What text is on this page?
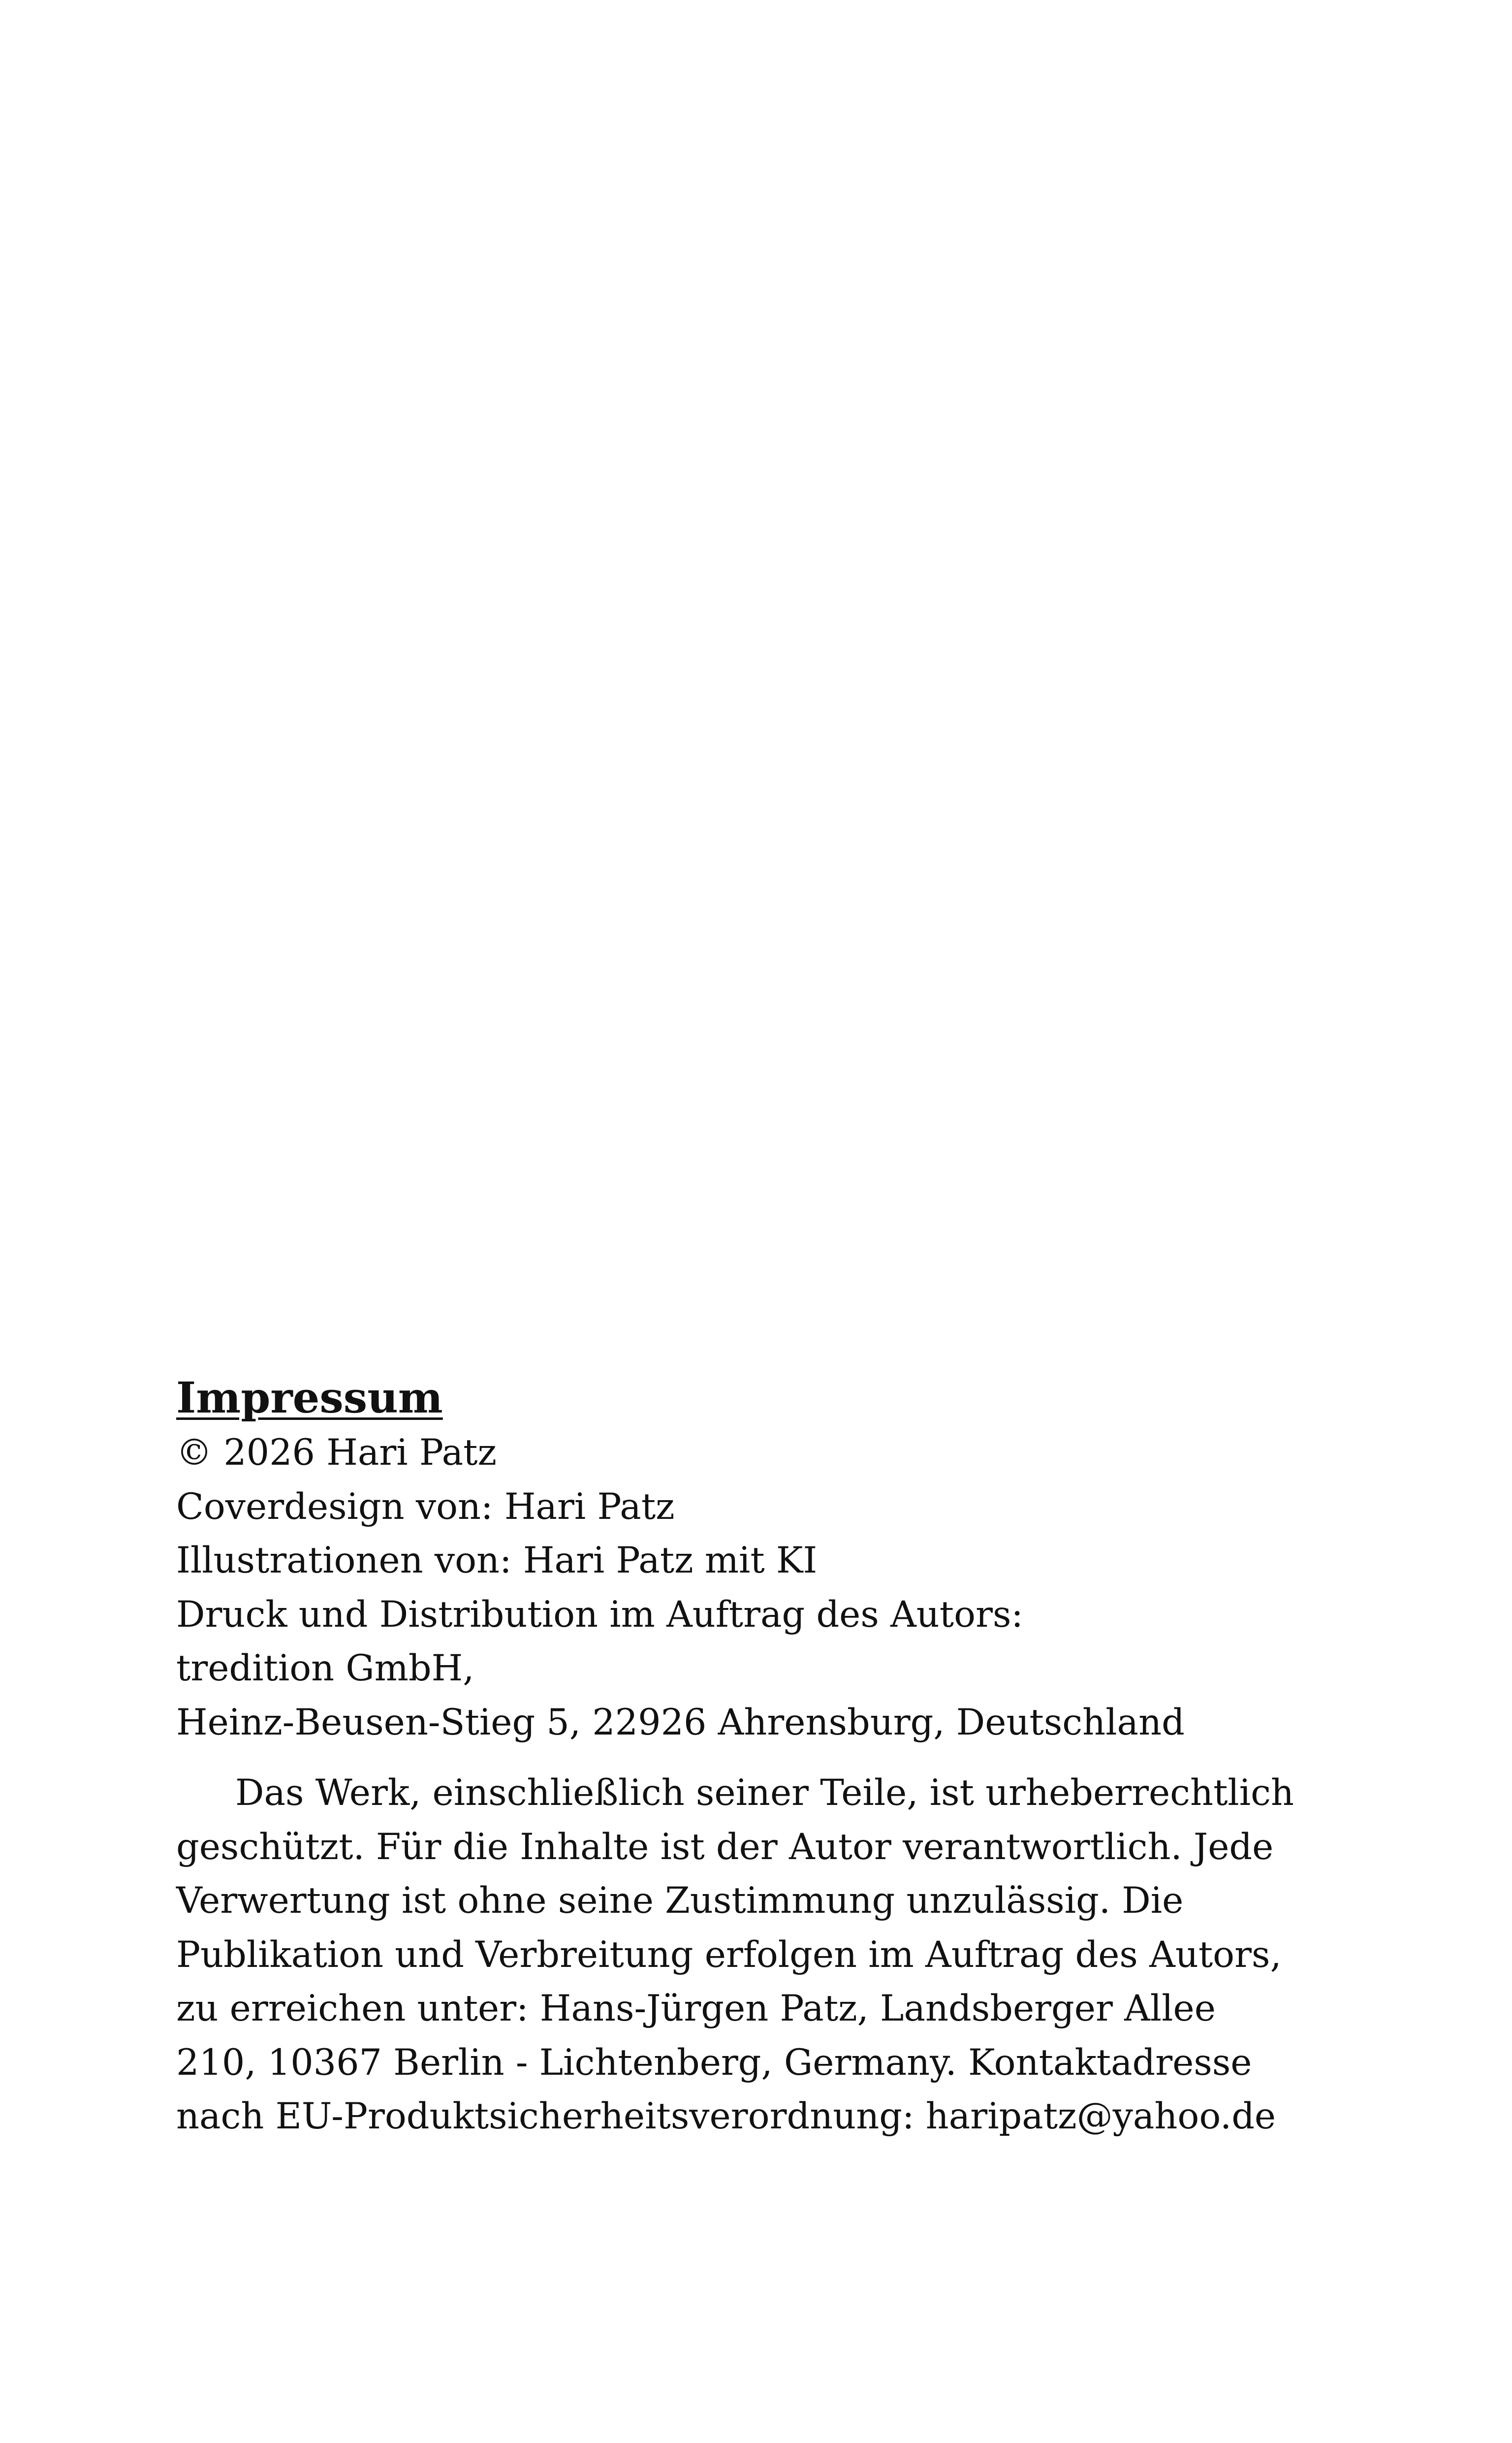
Impressum
© 2026 Hari Patz
Coverdesign von: Hari Patz
Illustrationen von: Hari Patz mit KI
Druck und Distribution im Auftrag des Autors:
tredition GmbH,
Heinz-Beusen-Stieg 5, 22926 Ahrensburg, Deutschland

Das Werk, einschließlich seiner Teile, ist urheberrechtlich
geschützt. Für die Inhalte ist der Autor verantwortlich. Jede
Verwertung ist ohne seine Zustimmung unzulässig. Die
Publikation und Verbreitung erfolgen im Auftrag des Autors,
zu erreichen unter: Hans-Jürgen Patz, Landsberger Allee
210, 10367 Berlin - Lichtenberg, Germany. Kontaktadresse
nach EU-Produktsicherheitsverordnung: haripatz@yahoo.de
